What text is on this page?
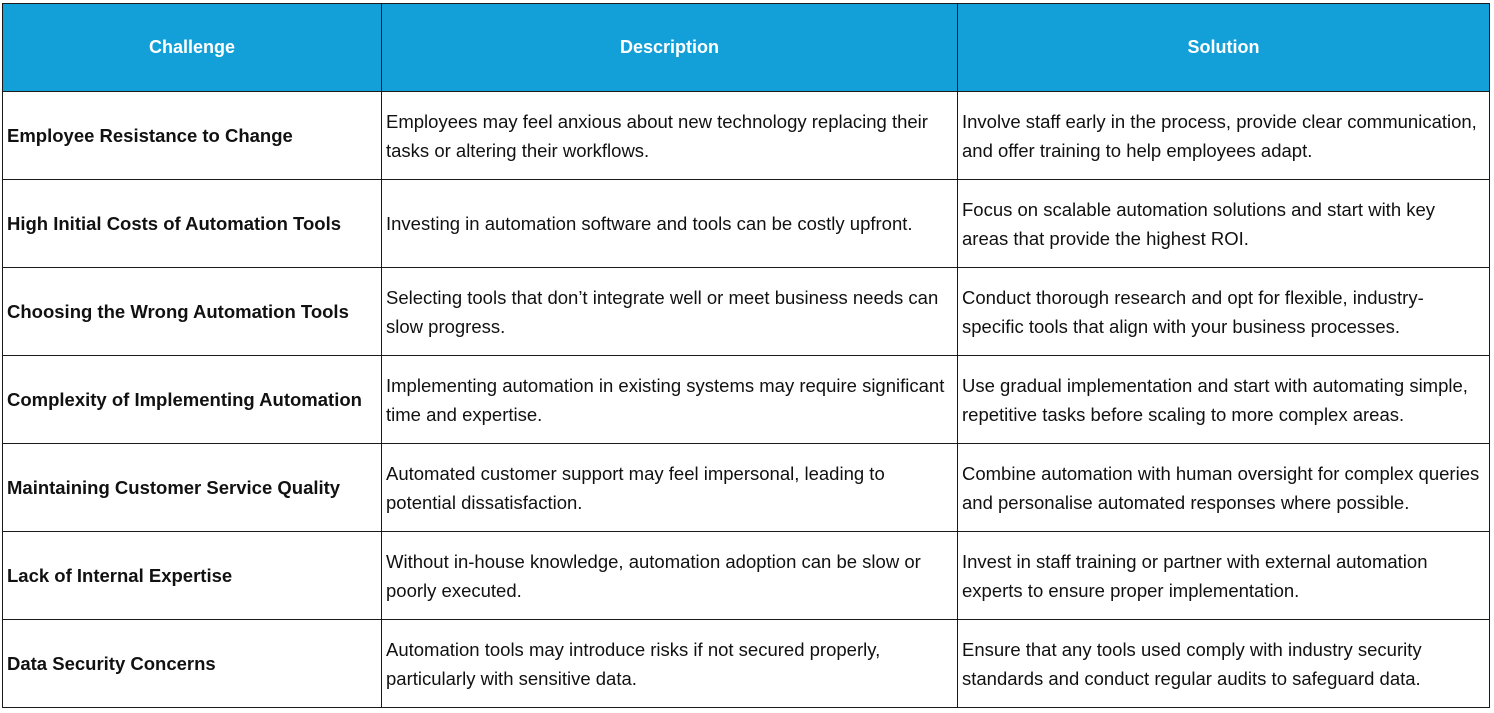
Challenge	Description	Solution
Employee Resistance to Change	Employees may feel anxious about new technology replacing their tasks or altering their workflows.	Involve staff early in the process, provide clear communication, and offer training to help employees adapt.
High Initial Costs of Automation Tools	Investing in automation software and tools can be costly upfront.	Focus on scalable automation solutions and start with key areas that provide the highest ROI.
Choosing the Wrong Automation Tools	Selecting tools that don’t integrate well or meet business needs can slow progress.	Conduct thorough research and opt for flexible, industry-specific tools that align with your business processes.
Complexity of Implementing Automation	Implementing automation in existing systems may require significant time and expertise.	Use gradual implementation and start with automating simple, repetitive tasks before scaling to more complex areas.
Maintaining Customer Service Quality	Automated customer support may feel impersonal, leading to potential dissatisfaction.	Combine automation with human oversight for complex queries and personalise automated responses where possible.
Lack of Internal Expertise	Without in-house knowledge, automation adoption can be slow or poorly executed.	Invest in staff training or partner with external automation experts to ensure proper implementation.
Data Security Concerns	Automation tools may introduce risks if not secured properly, particularly with sensitive data.	Ensure that any tools used comply with industry security standards and conduct regular audits to safeguard data.
